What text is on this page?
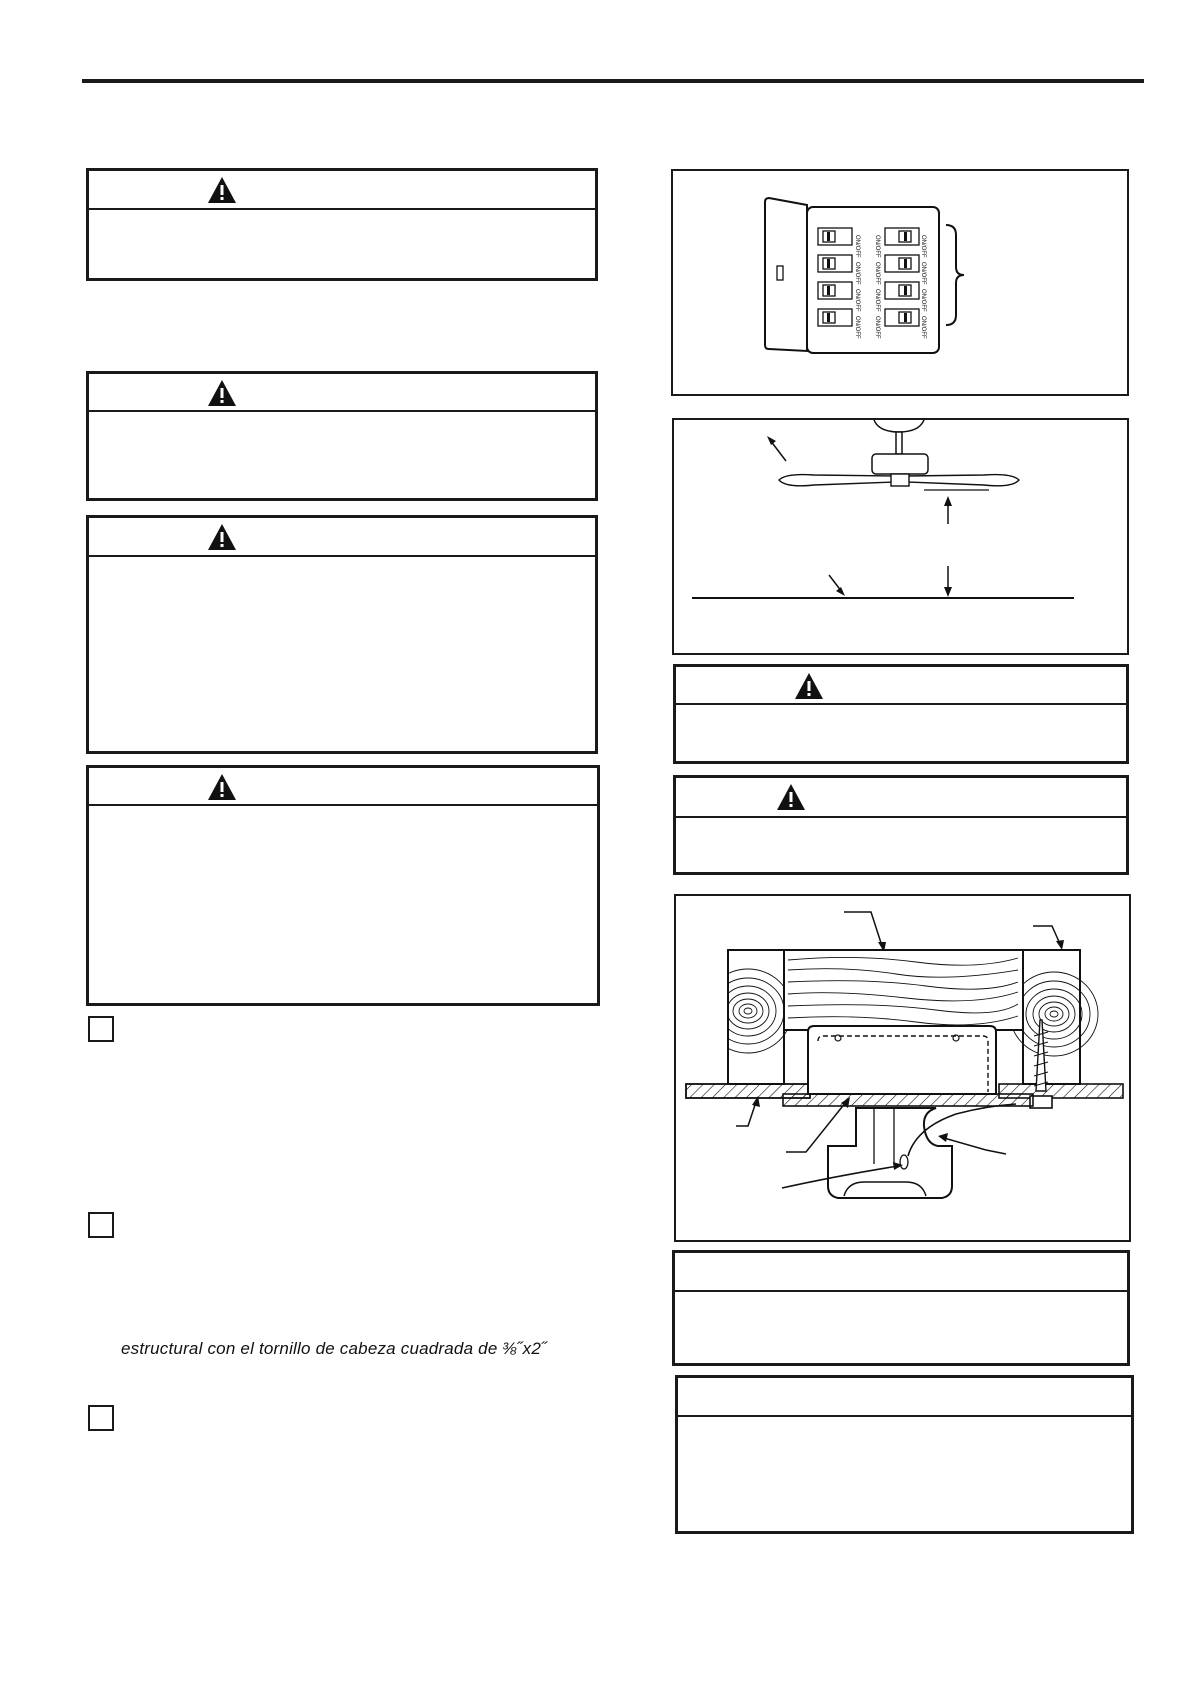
estructural con el tornillo de cabeza cuadrada de ⅜˝x2˝
ON/OFF
ON/OFF
ON/OFF
ON/OFF
ON/OFF
ON/OFF
ON/OFF
ON/OFF
ON/OFF
ON/OFF
ON/OFF
ON/OFF
